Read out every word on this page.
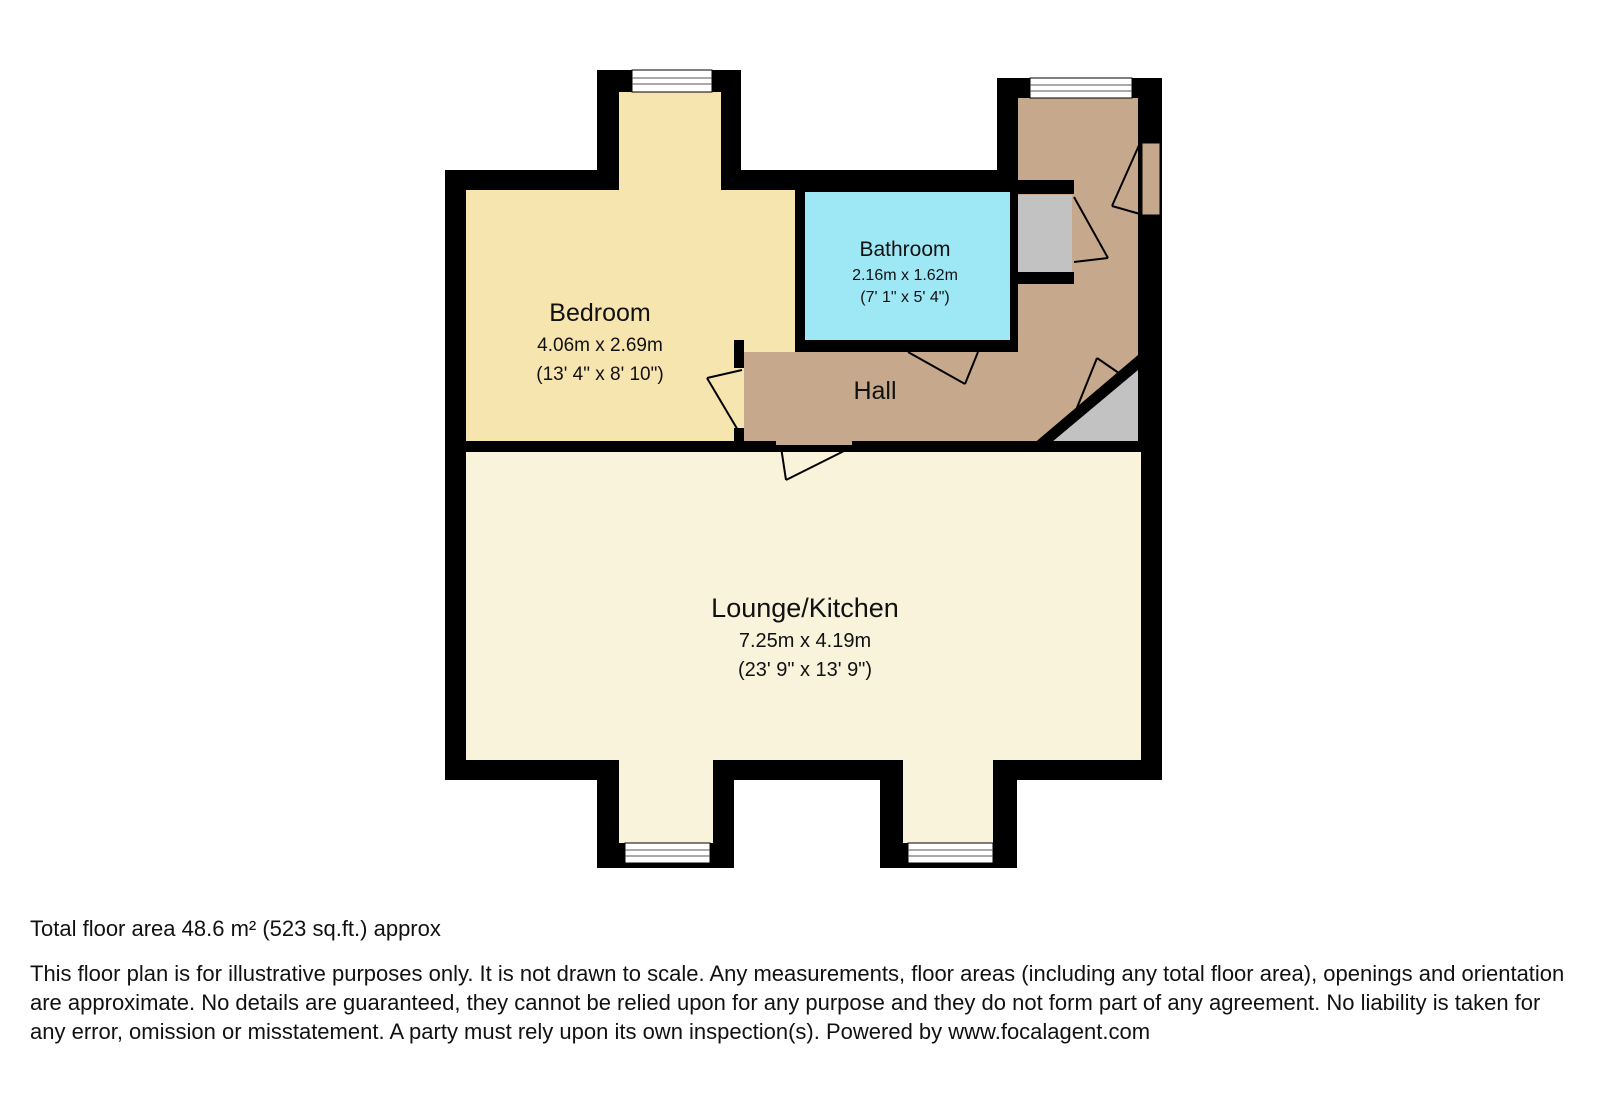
Bedroom
4.06m x 2.69m
(13' 4" x 8' 10")
Bathroom
2.16m x 1.62m
(7' 1" x 5' 4")
Hall
Lounge/Kitchen
7.25m x 4.19m
(23' 9" x 13' 9")

Total floor area 48.6 m² (523 sq.ft.) approx

This floor plan is for illustrative purposes only. It is not drawn to scale. Any measurements, floor areas (including any total floor area), openings and orientation are approximate. No details are guaranteed, they cannot be relied upon for any purpose and they do not form part of any agreement. No liability is taken for any error, omission or misstatement. A party must rely upon its own inspection(s). Powered by www.focalagent.com
